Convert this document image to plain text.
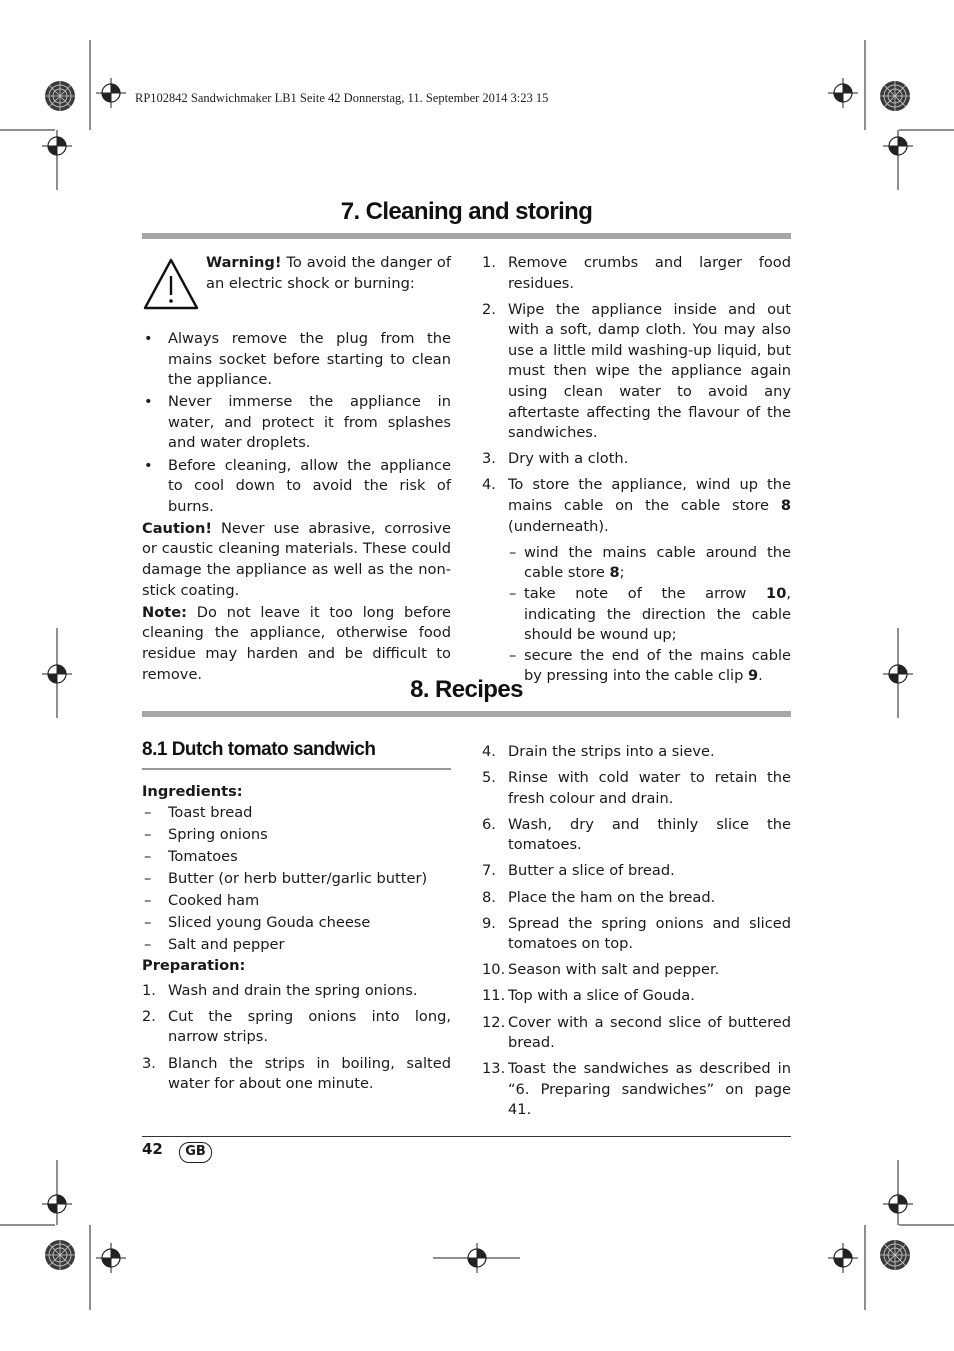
RP102842 Sandwichmaker LB1 Seite 42 Donnerstag, 11. September 2014 3:23 15
7. Cleaning and storing
Warning! To avoid the danger of an electric shock or burning:
• Always remove the plug from the mains socket before starting to clean the appliance.
• Never immerse the appliance in water, and protect it from splashes and water droplets.
• Before cleaning, allow the appliance to cool down to avoid the risk of burns.

Caution! Never use abrasive, corrosive or caustic cleaning materials. These could damage the appliance as well as the non-stick coating.

Note: Do not leave it too long before cleaning the appliance, otherwise food residue may harden and be difficult to remove.

1. Remove crumbs and larger food residues.
2. Wipe the appliance inside and out with a soft, damp cloth. You may also use a little mild washing-up liquid, but must then wipe the appliance again using clean water to avoid any aftertaste affecting the flavour of the sandwiches.
3. Dry with a cloth.
4. To store the appliance, wind up the mains cable on the cable store 8 (underneath).
– wind the mains cable around the cable store 8;
– take note of the arrow 10, indicating the direction the cable should be wound up;
– secure the end of the mains cable by pressing into the cable clip 9.
8. Recipes
8.1 Dutch tomato sandwich
Ingredients:
– Toast bread
– Spring onions
– Tomatoes
– Butter (or herb butter/garlic butter)
– Cooked ham
– Sliced young Gouda cheese
– Salt and pepper
Preparation:
1. Wash and drain the spring onions.
2. Cut the spring onions into long, narrow strips.
3. Blanch the strips in boiling, salted water for about one minute.
4. Drain the strips into a sieve.
5. Rinse with cold water to retain the fresh colour and drain.
6. Wash, dry and thinly slice the tomatoes.
7. Butter a slice of bread.
8. Place the ham on the bread.
9. Spread the spring onions and sliced tomatoes on top.
10. Season with salt and pepper.
11. Top with a slice of Gouda.
12. Cover with a second slice of buttered bread.
13. Toast the sandwiches as described in “6. Preparing sandwiches” on page 41.
42	GB
